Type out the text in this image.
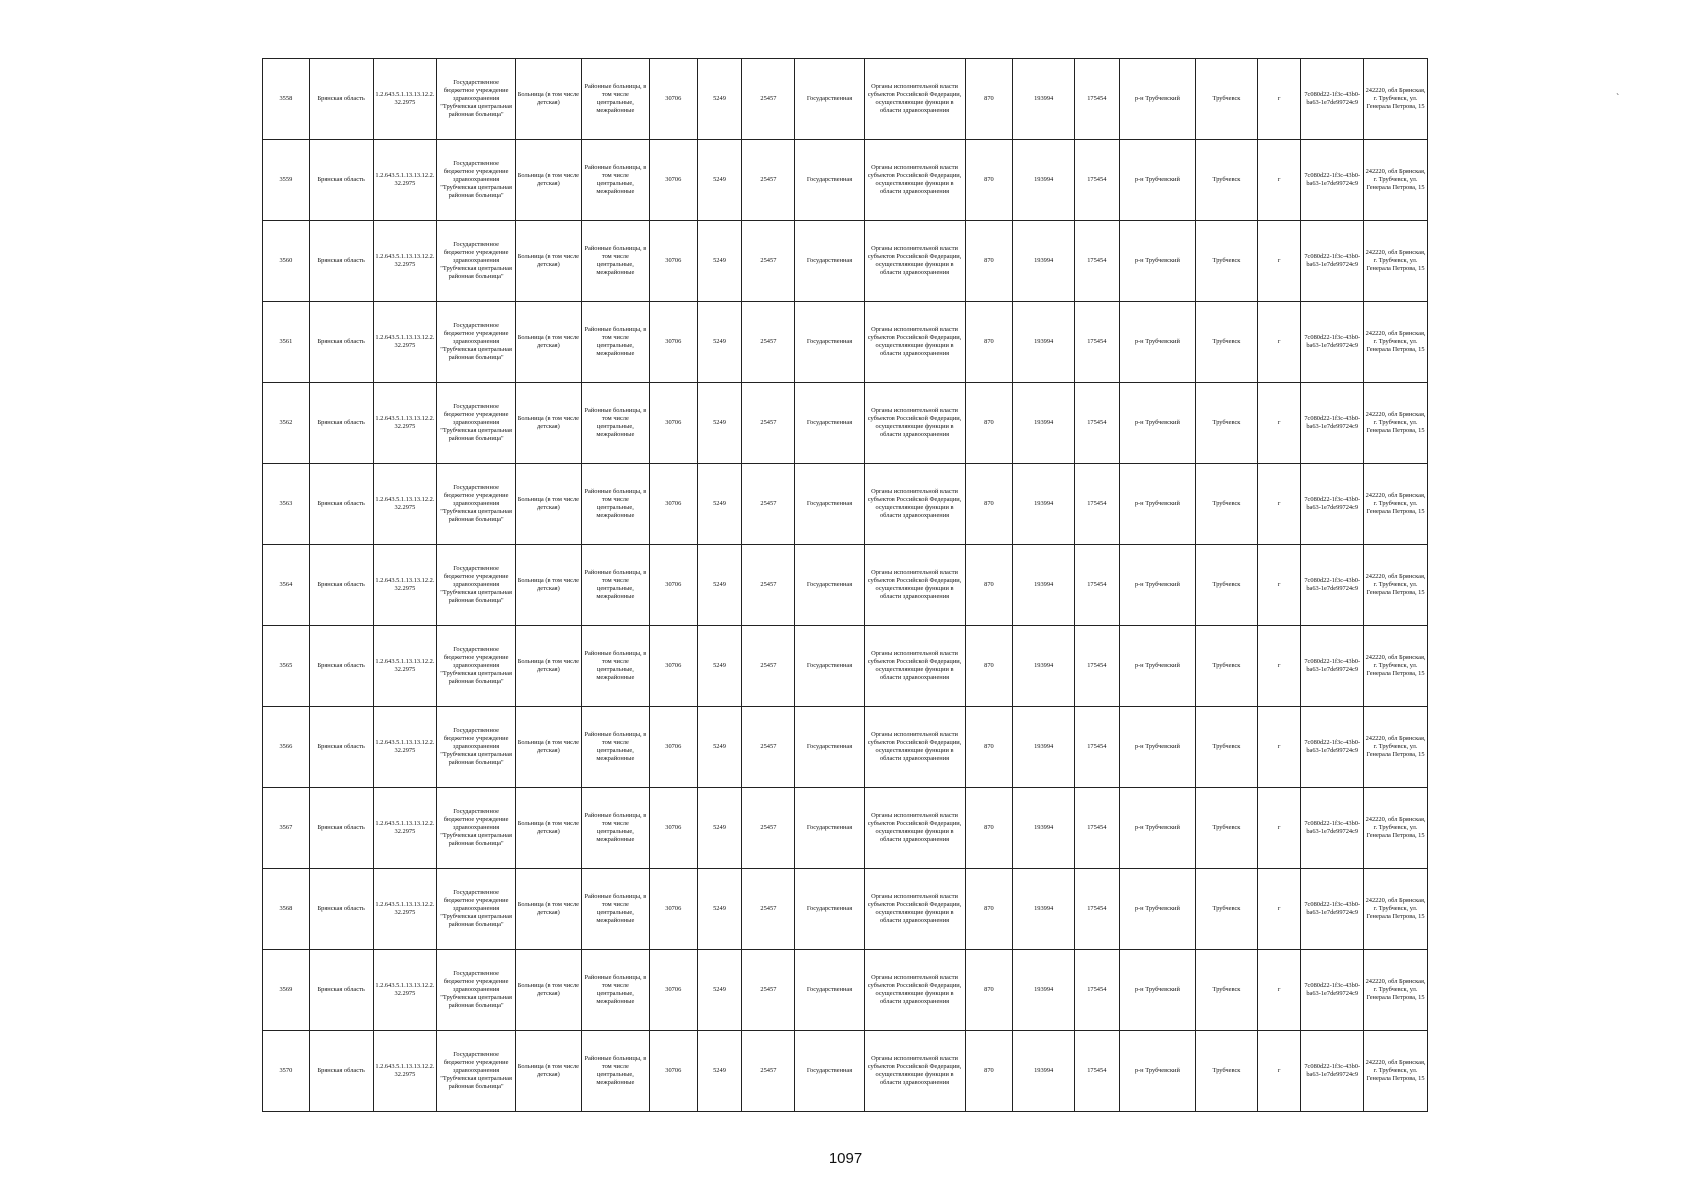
3558	Брянская область	1.2.643.5.1.13.13.12.2.32.2975	Государственное бюджетное учреждение здравоохранения "Трубчевская центральная районная больница"	Больница (в том числе детская)	Районные больницы, в том числе центральные, межрайонные	30706	5249	25457	Государственная	Органы исполнительной власти субъектов Российской Федерации, осуществляющие функции в области здравоохранения	870	193994	175454	р-н Трубчевский	Трубчевск	г	7c080d22-1f3c-43b0-ba63-1e7de99724c9	242220, обл Брянская, г. Трубчевск, ул. Генерала Петрова, 15
3559	Брянская область	1.2.643.5.1.13.13.12.2.32.2975	Государственное бюджетное учреждение здравоохранения "Трубчевская центральная районная больница"	Больница (в том числе детская)	Районные больницы, в том числе центральные, межрайонные	30706	5249	25457	Государственная	Органы исполнительной власти субъектов Российской Федерации, осуществляющие функции в области здравоохранения	870	193994	175454	р-н Трубчевский	Трубчевск	г	7c080d22-1f3c-43b0-ba63-1e7de99724c9	242220, обл Брянская, г. Трубчевск, ул. Генерала Петрова, 15
3560	Брянская область	1.2.643.5.1.13.13.12.2.32.2975	Государственное бюджетное учреждение здравоохранения "Трубчевская центральная районная больница"	Больница (в том числе детская)	Районные больницы, в том числе центральные, межрайонные	30706	5249	25457	Государственная	Органы исполнительной власти субъектов Российской Федерации, осуществляющие функции в области здравоохранения	870	193994	175454	р-н Трубчевский	Трубчевск	г	7c080d22-1f3c-43b0-ba63-1e7de99724c9	242220, обл Брянская, г. Трубчевск, ул. Генерала Петрова, 15
3561	Брянская область	1.2.643.5.1.13.13.12.2.32.2975	Государственное бюджетное учреждение здравоохранения "Трубчевская центральная районная больница"	Больница (в том числе детская)	Районные больницы, в том числе центральные, межрайонные	30706	5249	25457	Государственная	Органы исполнительной власти субъектов Российской Федерации, осуществляющие функции в области здравоохранения	870	193994	175454	р-н Трубчевский	Трубчевск	г	7c080d22-1f3c-43b0-ba63-1e7de99724c9	242220, обл Брянская, г. Трубчевск, ул. Генерала Петрова, 15
3562	Брянская область	1.2.643.5.1.13.13.12.2.32.2975	Государственное бюджетное учреждение здравоохранения "Трубчевская центральная районная больница"	Больница (в том числе детская)	Районные больницы, в том числе центральные, межрайонные	30706	5249	25457	Государственная	Органы исполнительной власти субъектов Российской Федерации, осуществляющие функции в области здравоохранения	870	193994	175454	р-н Трубчевский	Трубчевск	г	7c080d22-1f3c-43b0-ba63-1e7de99724c9	242220, обл Брянская, г. Трубчевск, ул. Генерала Петрова, 15
3563	Брянская область	1.2.643.5.1.13.13.12.2.32.2975	Государственное бюджетное учреждение здравоохранения "Трубчевская центральная районная больница"	Больница (в том числе детская)	Районные больницы, в том числе центральные, межрайонные	30706	5249	25457	Государственная	Органы исполнительной власти субъектов Российской Федерации, осуществляющие функции в области здравоохранения	870	193994	175454	р-н Трубчевский	Трубчевск	г	7c080d22-1f3c-43b0-ba63-1e7de99724c9	242220, обл Брянская, г. Трубчевск, ул. Генерала Петрова, 15
3564	Брянская область	1.2.643.5.1.13.13.12.2.32.2975	Государственное бюджетное учреждение здравоохранения "Трубчевская центральная районная больница"	Больница (в том числе детская)	Районные больницы, в том числе центральные, межрайонные	30706	5249	25457	Государственная	Органы исполнительной власти субъектов Российской Федерации, осуществляющие функции в области здравоохранения	870	193994	175454	р-н Трубчевский	Трубчевск	г	7c080d22-1f3c-43b0-ba63-1e7de99724c9	242220, обл Брянская, г. Трубчевск, ул. Генерала Петрова, 15
3565	Брянская область	1.2.643.5.1.13.13.12.2.32.2975	Государственное бюджетное учреждение здравоохранения "Трубчевская центральная районная больница"	Больница (в том числе детская)	Районные больницы, в том числе центральные, межрайонные	30706	5249	25457	Государственная	Органы исполнительной власти субъектов Российской Федерации, осуществляющие функции в области здравоохранения	870	193994	175454	р-н Трубчевский	Трубчевск	г	7c080d22-1f3c-43b0-ba63-1e7de99724c9	242220, обл Брянская, г. Трубчевск, ул. Генерала Петрова, 15
3566	Брянская область	1.2.643.5.1.13.13.12.2.32.2975	Государственное бюджетное учреждение здравоохранения "Трубчевская центральная районная больница"	Больница (в том числе детская)	Районные больницы, в том числе центральные, межрайонные	30706	5249	25457	Государственная	Органы исполнительной власти субъектов Российской Федерации, осуществляющие функции в области здравоохранения	870	193994	175454	р-н Трубчевский	Трубчевск	г	7c080d22-1f3c-43b0-ba63-1e7de99724c9	242220, обл Брянская, г. Трубчевск, ул. Генерала Петрова, 15
3567	Брянская область	1.2.643.5.1.13.13.12.2.32.2975	Государственное бюджетное учреждение здравоохранения "Трубчевская центральная районная больница"	Больница (в том числе детская)	Районные больницы, в том числе центральные, межрайонные	30706	5249	25457	Государственная	Органы исполнительной власти субъектов Российской Федерации, осуществляющие функции в области здравоохранения	870	193994	175454	р-н Трубчевский	Трубчевск	г	7c080d22-1f3c-43b0-ba63-1e7de99724c9	242220, обл Брянская, г. Трубчевск, ул. Генерала Петрова, 15
3568	Брянская область	1.2.643.5.1.13.13.12.2.32.2975	Государственное бюджетное учреждение здравоохранения "Трубчевская центральная районная больница"	Больница (в том числе детская)	Районные больницы, в том числе центральные, межрайонные	30706	5249	25457	Государственная	Органы исполнительной власти субъектов Российской Федерации, осуществляющие функции в области здравоохранения	870	193994	175454	р-н Трубчевский	Трубчевск	г	7c080d22-1f3c-43b0-ba63-1e7de99724c9	242220, обл Брянская, г. Трубчевск, ул. Генерала Петрова, 15
3569	Брянская область	1.2.643.5.1.13.13.12.2.32.2975	Государственное бюджетное учреждение здравоохранения "Трубчевская центральная районная больница"	Больница (в том числе детская)	Районные больницы, в том числе центральные, межрайонные	30706	5249	25457	Государственная	Органы исполнительной власти субъектов Российской Федерации, осуществляющие функции в области здравоохранения	870	193994	175454	р-н Трубчевский	Трубчевск	г	7c080d22-1f3c-43b0-ba63-1e7de99724c9	242220, обл Брянская, г. Трубчевск, ул. Генерала Петрова, 15
3570	Брянская область	1.2.643.5.1.13.13.12.2.32.2975	Государственное бюджетное учреждение здравоохранения "Трубчевская центральная районная больница"	Больница (в том числе детская)	Районные больницы, в том числе центральные, межрайонные	30706	5249	25457	Государственная	Органы исполнительной власти субъектов Российской Федерации, осуществляющие функции в области здравоохранения	870	193994	175454	р-н Трубчевский	Трубчевск	г	7c080d22-1f3c-43b0-ba63-1e7de99724c9	242220, обл Брянская, г. Трубчевск, ул. Генерала Петрова, 15
1097
`
